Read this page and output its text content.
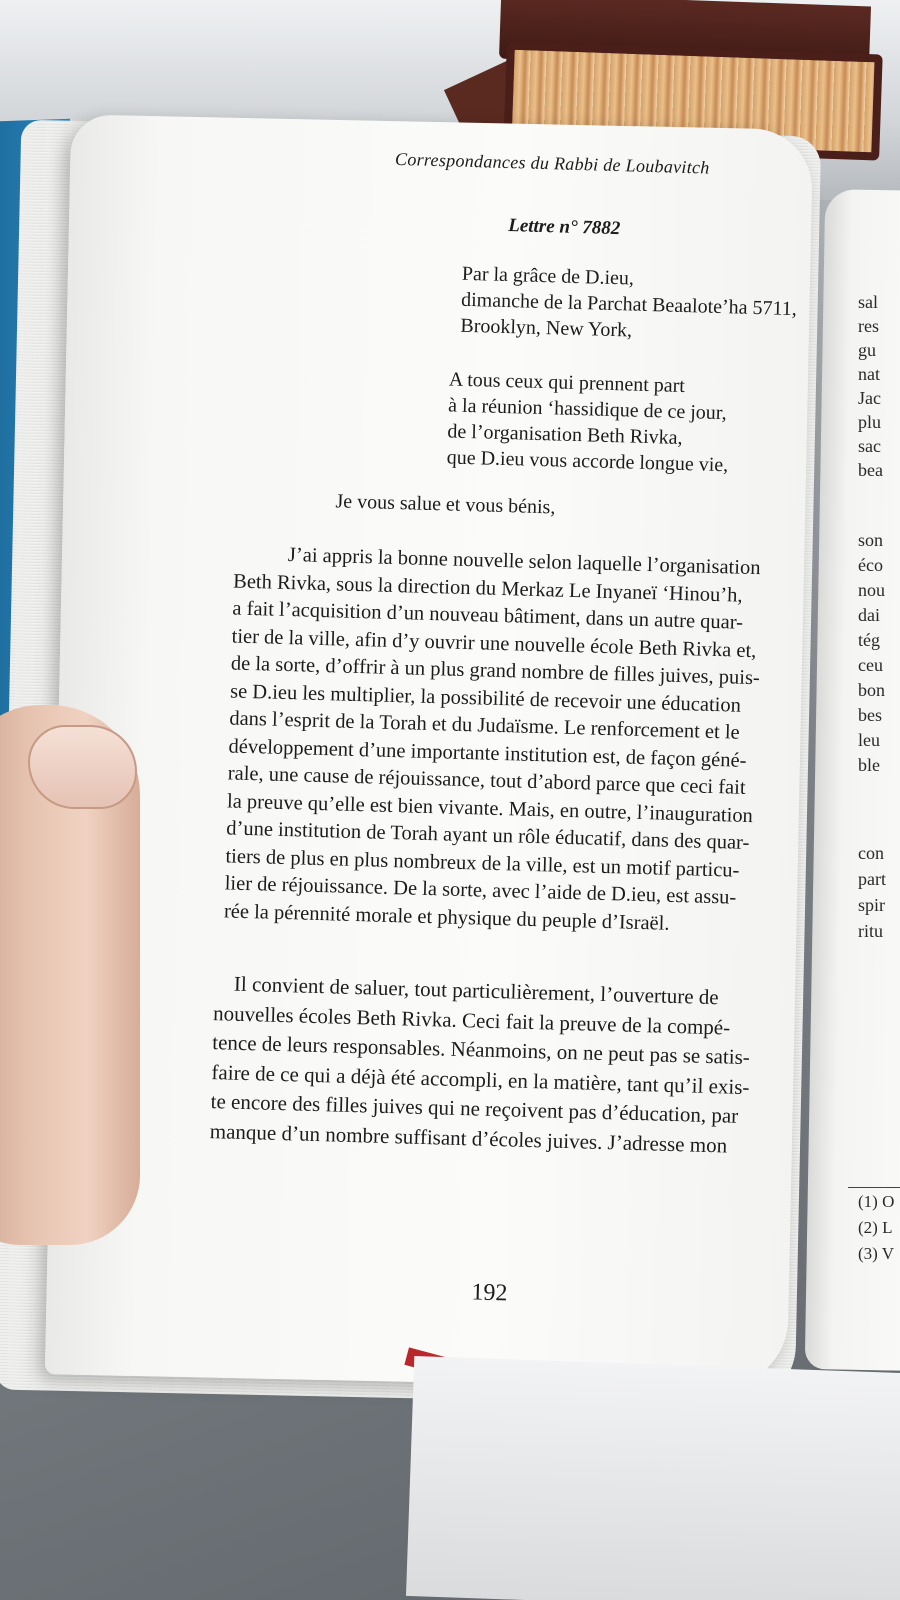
sal
res
gu
nat
Jac
plu
sac
bea
son
éco
nou
dai
tég
ceu
bon
bes
leu
ble
con
part
spir
ritu
(1) O
(2) L
(3) V
Correspondances du Rabbi de Loubavitch
Lettre n° 7882
Par la grâce de D.ieu,
dimanche de la Parchat Beaalote’ha 5711,
Brooklyn, New York,
A tous ceux qui prennent part
à la réunion ‘hassidique de ce jour,
de l’organisation Beth Rivka,
que D.ieu vous accorde longue vie,
Je vous salue et vous bénis,
J’ai appris la bonne nouvelle selon laquelle l’organisation
Beth Rivka, sous la direction du Merkaz Le Inyaneï ‘Hinou’h,
a fait l’acquisition d’un nouveau bâtiment, dans un autre quar-
tier de la ville, afin d’y ouvrir une nouvelle école Beth Rivka et,
de la sorte, d’offrir à un plus grand nombre de filles juives, puis-
se D.ieu les multiplier, la possibilité de recevoir une éducation
dans l’esprit de la Torah et du Judaïsme. Le renforcement et le
développement d’une importante institution est, de façon géné-
rale, une cause de réjouissance, tout d’abord parce que ceci fait
la preuve qu’elle est bien vivante. Mais, en outre, l’inauguration
d’une institution de Torah ayant un rôle éducatif, dans des quar-
tiers de plus en plus nombreux de la ville, est un motif particu-
lier de réjouissance. De la sorte, avec l’aide de D.ieu, est assu-
rée la pérennité morale et physique du peuple d’Israël.
Il convient de saluer, tout particulièrement, l’ouverture de
nouvelles écoles Beth Rivka. Ceci fait la preuve de la compé-
tence de leurs responsables. Néanmoins, on ne peut pas se satis-
faire de ce qui a déjà été accompli, en la matière, tant qu’il exis-
te encore des filles juives qui ne reçoivent pas d’éducation, par
manque d’un nombre suffisant d’écoles juives. J’adresse mon
192
